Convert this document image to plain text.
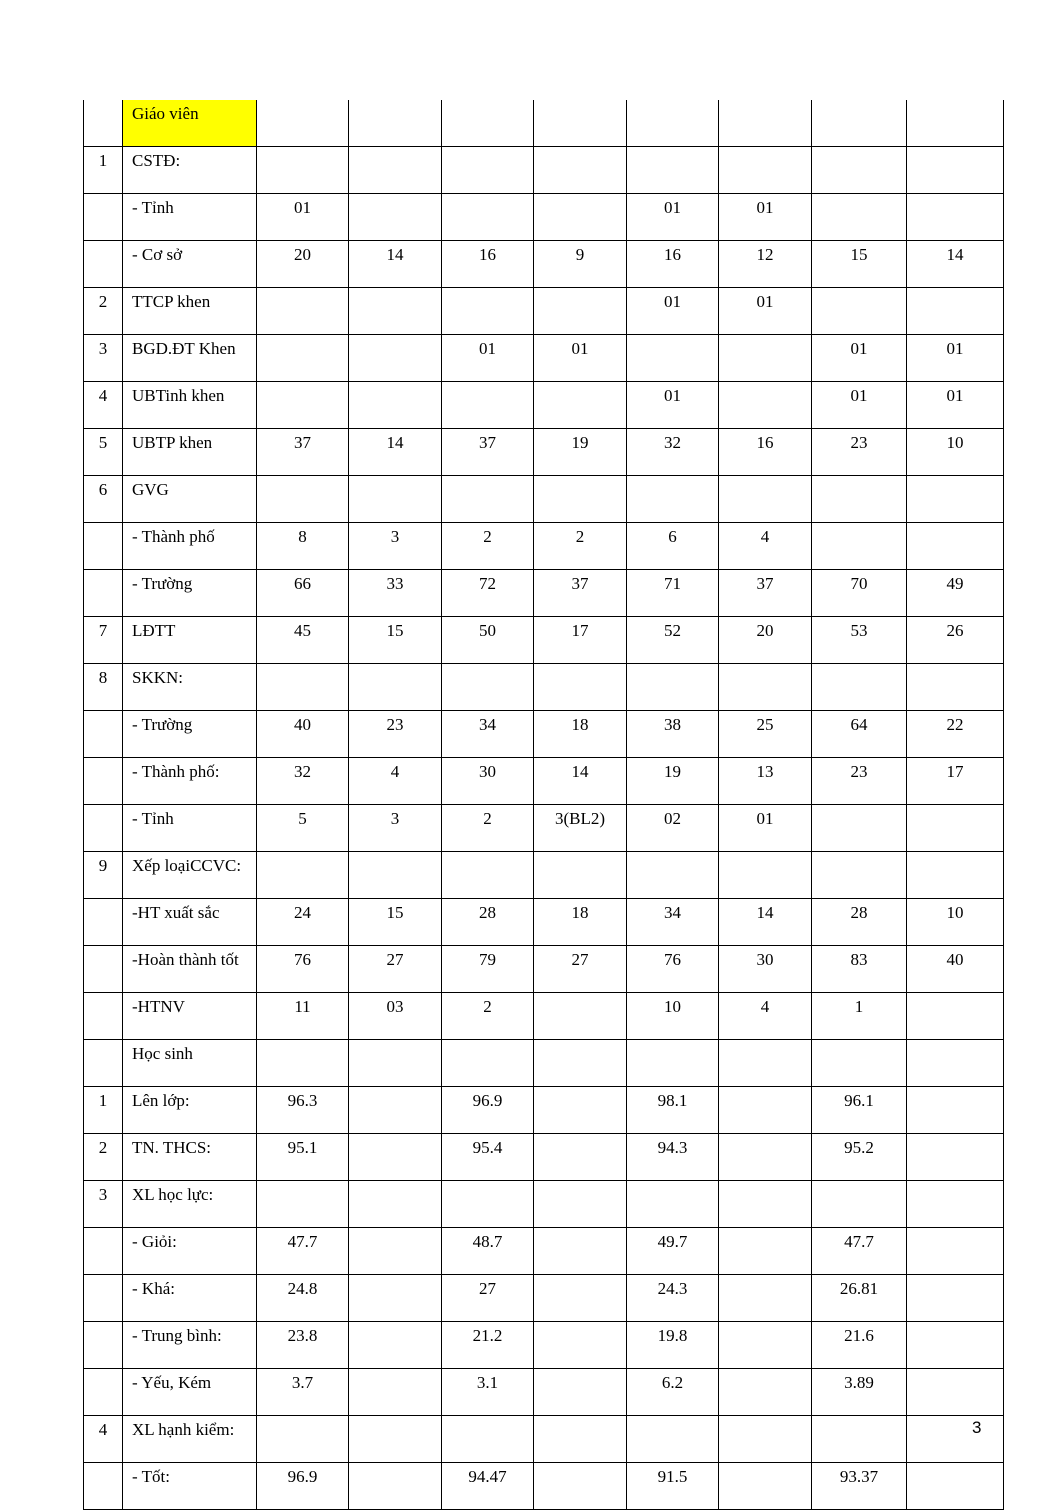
	Giáo viên								
1	CSTĐ:								
	- Tỉnh	01				01	01		
	- Cơ sở	20	14	16	9	16	12	15	14
2	TTCP khen					01	01		
3	BGD.ĐT Khen			01	01			01	01
4	UBTinh khen					01		01	01
5	UBTP khen	37	14	37	19	32	16	23	10
6	GVG								
	- Thành phố	8	3	2	2	6	4		
	- Trường	66	33	72	37	71	37	70	49
7	LĐTT	45	15	50	17	52	20	53	26
8	SKKN:								
	- Trường	40	23	34	18	38	25	64	22
	- Thành phố:	32	4	30	14	19	13	23	17
	- Tỉnh	5	3	2	3(BL2)	02	01		
9	Xếp loạiCCVC:								
	-HT xuất sắc	24	15	28	18	34	14	28	10
	-Hoàn thành tốt	76	27	79	27	76	30	83	40
	-HTNV	11	03	2		10	4	1	
	Học sinh								
1	Lên lớp:	96.3		96.9		98.1		96.1	
2	TN. THCS:	95.1		95.4		94.3		95.2	
3	XL học lực:								
	- Giỏi:	47.7		48.7		49.7		47.7	
	- Khá:	24.8		27		24.3		26.81	
	- Trung bình:	23.8		21.2		19.8		21.6	
	- Yếu, Kém	3.7		3.1		6.2		3.89	
4	XL hạnh kiểm:								
	- Tốt:	96.9		94.47		91.5		93.37	
3
